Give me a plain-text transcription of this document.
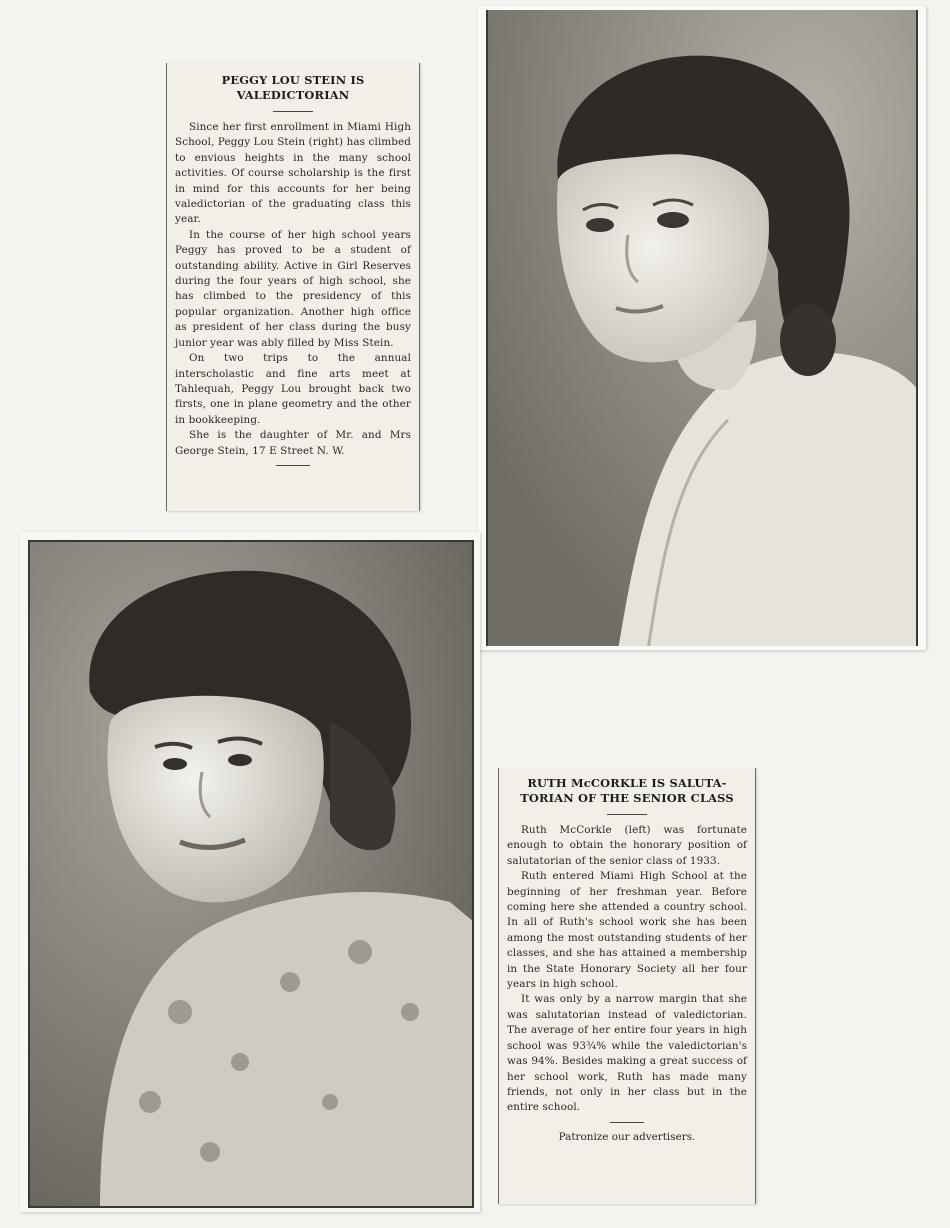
PEGGY LOU STEIN IS
VALEDICTORIAN

Since her first enrollment in Miami High School, Peggy Lou Stein (right) has climbed to envious heights in the many school activities. Of course scholarship is the first in mind for this accounts for her being valedictorian of the graduating class this year.

In the course of her high school years Peggy has proved to be a student of outstanding ability. Active in Girl Reserves during the four years of high school, she has climbed to the presidency of this popular organization. Another high office as president of her class during the busy junior year was ably filled by Miss Stein.

On two trips to the annual interscholastic and fine arts meet at Tahlequah, Peggy Lou brought back two firsts, one in plane geometry and the other in bookkeeping.

She is the daughter of Mr. and Mrs George Stein, 17 E Street N. W.

RUTH McCORKLE IS SALUTA-
TORIAN OF THE SENIOR CLASS

Ruth McCorkle (left) was fortunate enough to obtain the honorary position of salutatorian of the senior class of 1933.

Ruth entered Miami High School at the beginning of her freshman year. Before coming here she attended a country school. In all of Ruth's school work she has been among the most outstanding students of her classes, and she has attained a membership in the State Honorary Society all her four years in high school.

It was only by a narrow margin that she was salutatorian instead of valedictorian. The average of her entire four years in high school was 93¾% while the valedictorian's was 94%. Besides making a great success of her school work, Ruth has made many friends, not only in her class but in the entire school.

Patronize our advertisers.
